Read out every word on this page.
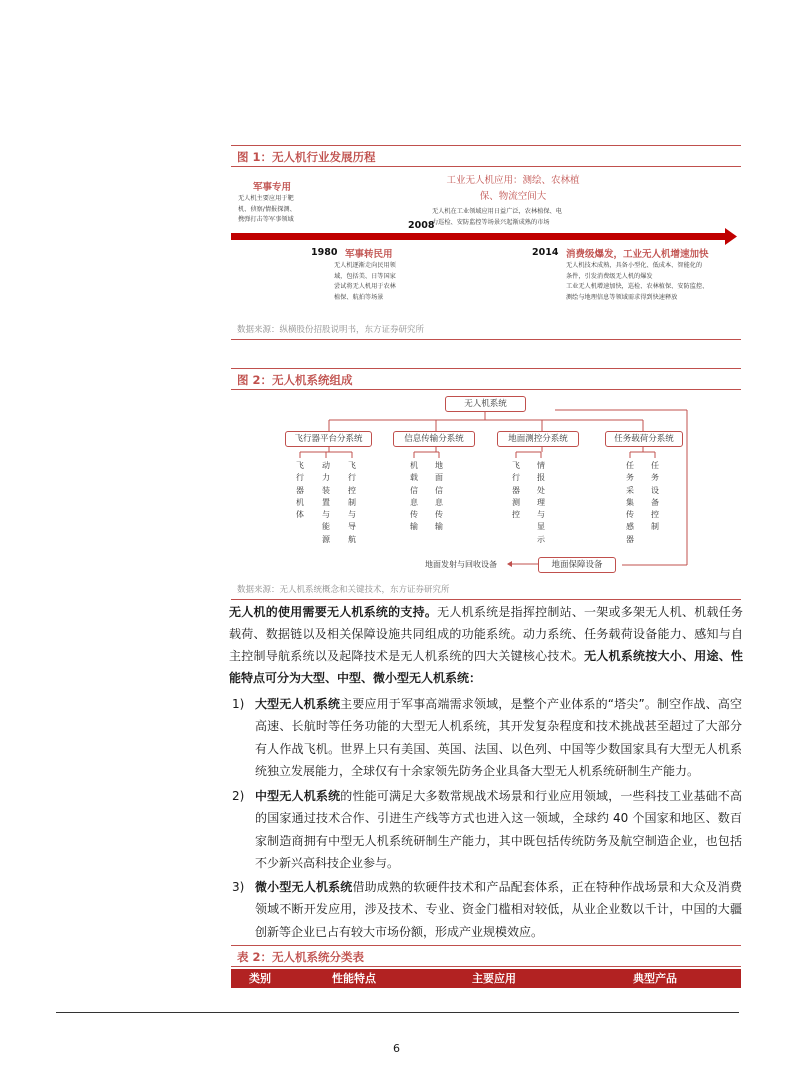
图 1：无人机行业发展历程
军事专用
无人机主要应用于靶
机、侦察/情报探测、
携弹打击等军事领域
1980 军事转民用
无人机逐渐走向民用领
域，包括美、日等国家
尝试将无人机用于农林
植保、航拍等场景
2008
工业无人机应用：测绘、农林植
保、物流空间大
无人机在工业领域应用日益广泛，农林植保、电
力巡检、安防监控等场景兴起渐成熟的市场
2014 消费级爆发，工业无人机增速加快
无人机技术成熟，具备小型化、低成本、智能化的
条件，引发消费级无人机的爆发
工业无人机增速加快，巡检、农林植保、安防监控、
测绘与地理信息等领域需求得到快速释放
数据来源：纵横股份招股说明书，东方证券研究所
图 2：无人机系统组成
无人机系统
飞行器平台分系统	信息传输分系统	地面测控分系统	任务载荷分系统
飞行器机体
动力装置与能源
飞行控制与导航
机载信息传输
地面信息传输
飞行器测控
情报处理与显示
任务采集传感器
任务设备控制
地面保障设备
地面发射与回收设备
数据来源：无人机系统概念和关键技术，东方证券研究所
无人机的使用需要无人机系统的支持。无人机系统是指挥控制站、一架或多架无人机、机载任务载荷、数据链以及相关保障设施共同组成的功能系统。动力系统、任务载荷设备能力、感知与自主控制导航系统以及起降技术是无人机系统的四大关键核心技术。无人机系统按大小、用途、性能特点可分为大型、中型、微小型无人机系统：
1) 大型无人机系统主要应用于军事高端需求领域，是整个产业体系的“塔尖”。制空作战、高空高速、长航时等任务功能的大型无人机系统，其开发复杂程度和技术挑战甚至超过了大部分有人作战飞机。世界上只有美国、英国、法国、以色列、中国等少数国家具有大型无人机系统独立发展能力，全球仅有十余家领先防务企业具备大型无人机系统研制生产能力。
2) 中型无人机系统的性能可满足大多数常规战术场景和行业应用领域，一些科技工业基础不高的国家通过技术合作、引进生产线等方式也进入这一领域，全球约 40 个国家和地区、数百家制造商拥有中型无人机系统研制生产能力，其中既包括传统防务及航空制造企业，也包括不少新兴高科技企业参与。
3) 微小型无人机系统借助成熟的软硬件技术和产品配套体系，正在特种作战场景和大众及消费领域不断开发应用，涉及技术、专业、资金门槛相对较低，从业企业数以千计，中国的大疆创新等企业已占有较大市场份额，形成产业规模效应。
表 2：无人机系统分类表
类别	性能特点	主要应用	典型产品
6
